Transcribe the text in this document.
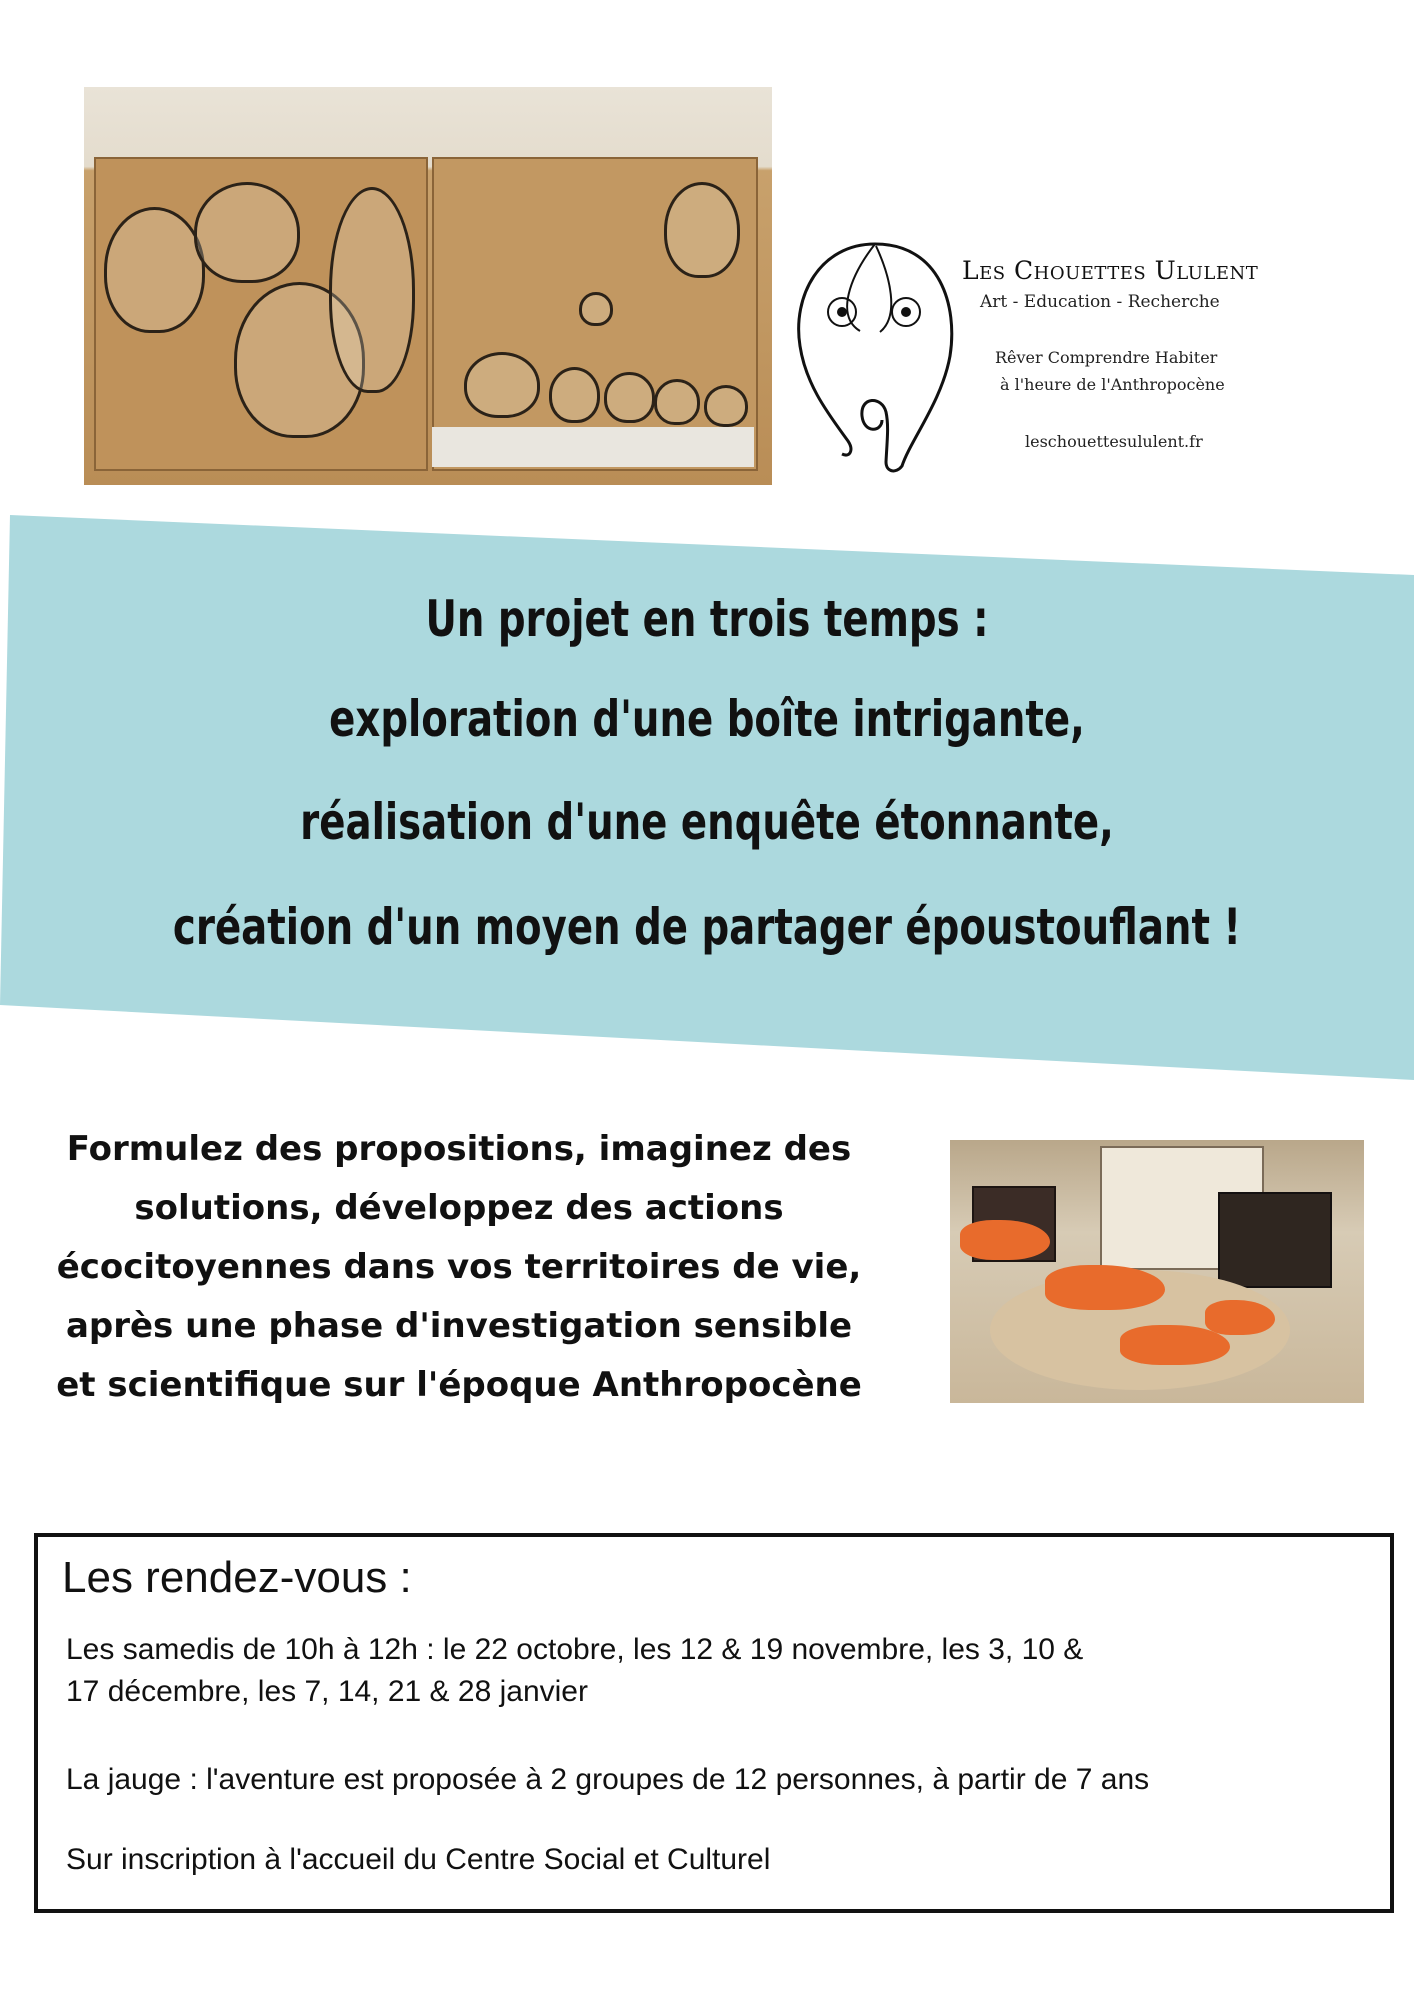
Les Chouettes Ululent
Art - Education - Recherche
Rêver Comprendre Habiter
à l'heure de l'Anthropocène
leschouettesululent.fr
Un projet en trois temps :
exploration d'une boîte intrigante,
réalisation d'une enquête étonnante,
création d'un moyen de partager époustouflant !
Formulez des propositions, imaginez des
solutions, développez des actions
écocitoyennes dans vos territoires de vie,
après une phase d'investigation sensible
et scientifique sur l'époque Anthropocène
Les rendez-vous :
Les samedis de 10h à 12h : le 22 octobre, les 12 & 19 novembre, les 3, 10 &
17 décembre, les 7, 14, 21 & 28 janvier
La jauge : l'aventure est proposée à 2 groupes de 12 personnes, à partir de 7 ans
Sur inscription à l'accueil du Centre Social et Culturel
